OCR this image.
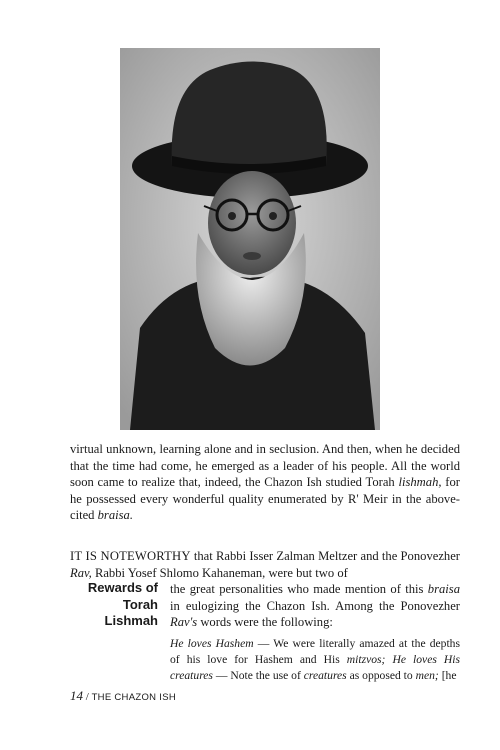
virtual unknown, learning alone and in seclusion. And then, when he decided that the time had come, he emerged as a leader of his people. All the world soon came to realize that, indeed, the Chazon Ish studied Torah lishmah, for he possessed every wonderful quality enumerated by R' Meir in the above-cited braisa.

IT IS NOTEWORTHY that Rabbi Isser Zalman Meltzer and the Ponovezher Rav, Rabbi Yosef Shlomo Kahaneman, were but two of

Rewards of
Torah
Lishmah

the great personalities who made mention of this braisa in eulogizing the Chazon Ish. Among the Ponovezher Rav's words were the following:

He loves Hashem — We were literally amazed at the depths of his love for Hashem and His mitzvos; He loves His creatures — Note the use of creatures as opposed to men; [he

14 / THE CHAZON ISH
